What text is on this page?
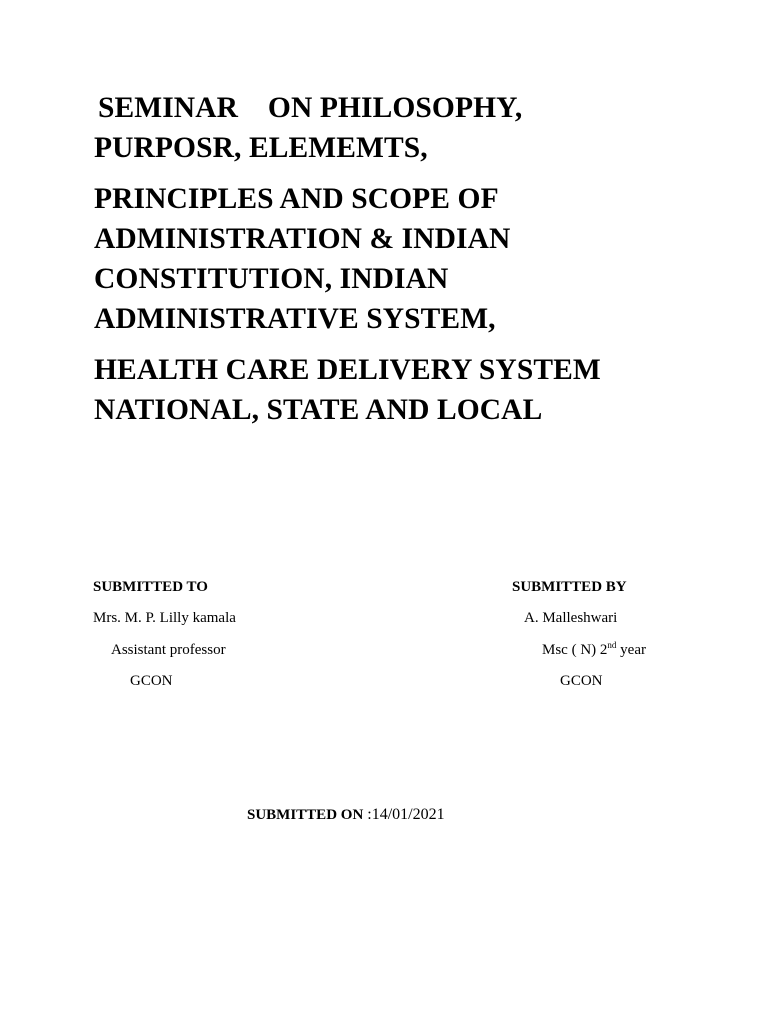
SEMINAR    ON PHILOSOPHY,
PURPOSR, ELEMEMTS,
PRINCIPLES AND SCOPE OF
ADMINISTRATION & INDIAN
CONSTITUTION, INDIAN
ADMINISTRATIVE SYSTEM,
HEALTH CARE DELIVERY SYSTEM
NATIONAL, STATE AND LOCAL
SUBMITTED TO
Mrs. M. P. Lilly kamala
Assistant professor
GCON
SUBMITTED BY
A. Malleshwari
Msc ( N) 2nd year
GCON
SUBMITTED ON :14/01/2021
